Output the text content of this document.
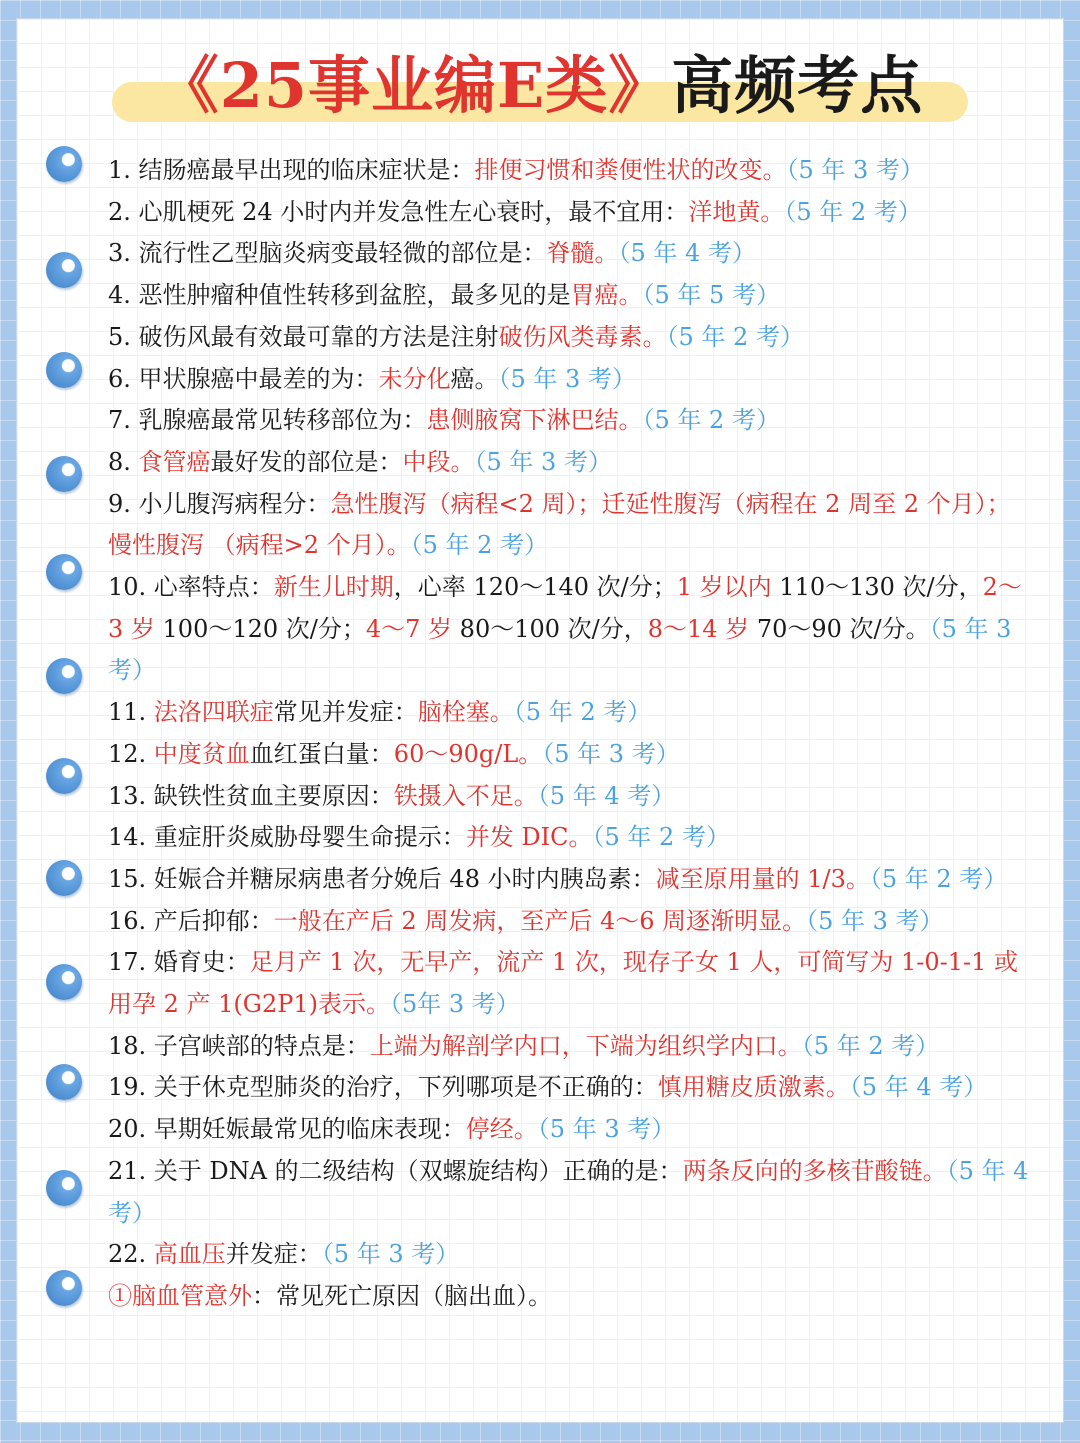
《25事业编E类》高频考点

1. 结肠癌最早出现的临床症状是：排便习惯和粪便性状的改变。（5 年 3 考）

2. 心肌梗死 24 小时内并发急性左心衰时，最不宜用：洋地黄。（5 年 2 考）

3. 流行性乙型脑炎病变最轻微的部位是：脊髓。（5 年 4 考）

4. 恶性肿瘤种值性转移到盆腔，最多见的是胃癌。（5 年 5 考）

5. 破伤风最有效最可靠的方法是注射破伤风类毒素。（5 年 2 考）

6. 甲状腺癌中最差的为：未分化癌。（5 年 3 考）

7. 乳腺癌最常见转移部位为：患侧腋窝下淋巴结。（5 年 2 考）

8. 食管癌最好发的部位是：中段。（5 年 3 考）

9. 小儿腹泻病程分：急性腹泻（病程<2 周）；迁延性腹泻（病程在 2 周至 2 个月）；慢性腹泻 （病程>2 个月）。（5 年 2 考）

10. 心率特点：新生儿时期，心率 120～140 次/分；1 岁以内 110～130 次/分，2～3 岁 100～120 次/分；4～7 岁 80～100 次/分，8～14 岁 70～90 次/分。（5 年 3 考）

11. 法洛四联症常见并发症：脑栓塞。（5 年 2 考）

12. 中度贫血血红蛋白量：60～90g/L。（5 年 3 考）

13. 缺铁性贫血主要原因：铁摄入不足。（5 年 4 考）

14. 重症肝炎威胁母婴生命提示：并发 DIC。（5 年 2 考）

15. 妊娠合并糖尿病患者分娩后 48 小时内胰岛素：减至原用量的 1/3。（5 年 2 考）

16. 产后抑郁：一般在产后 2 周发病，至产后 4～6 周逐渐明显。（5 年 3 考）

17. 婚育史：足月产 1 次，无早产，流产 1 次，现存子女 1 人，可简写为 1-0-1-1 或用孕 2 产 1(G2P1)表示。（5年 3 考）

18. 子宫峡部的特点是：上端为解剖学内口，下端为组织学内口。（5 年 2 考）

19. 关于休克型肺炎的治疗，下列哪项是不正确的：慎用糖皮质激素。（5 年 4 考）

20. 早期妊娠最常见的临床表现：停经。（5 年 3 考）

21. 关于 DNA 的二级结构（双螺旋结构）正确的是：两条反向的多核苷酸链。（5 年 4 考）

22. 高血压并发症：（5 年 3 考）

①脑血管意外：常见死亡原因（脑出血）。
